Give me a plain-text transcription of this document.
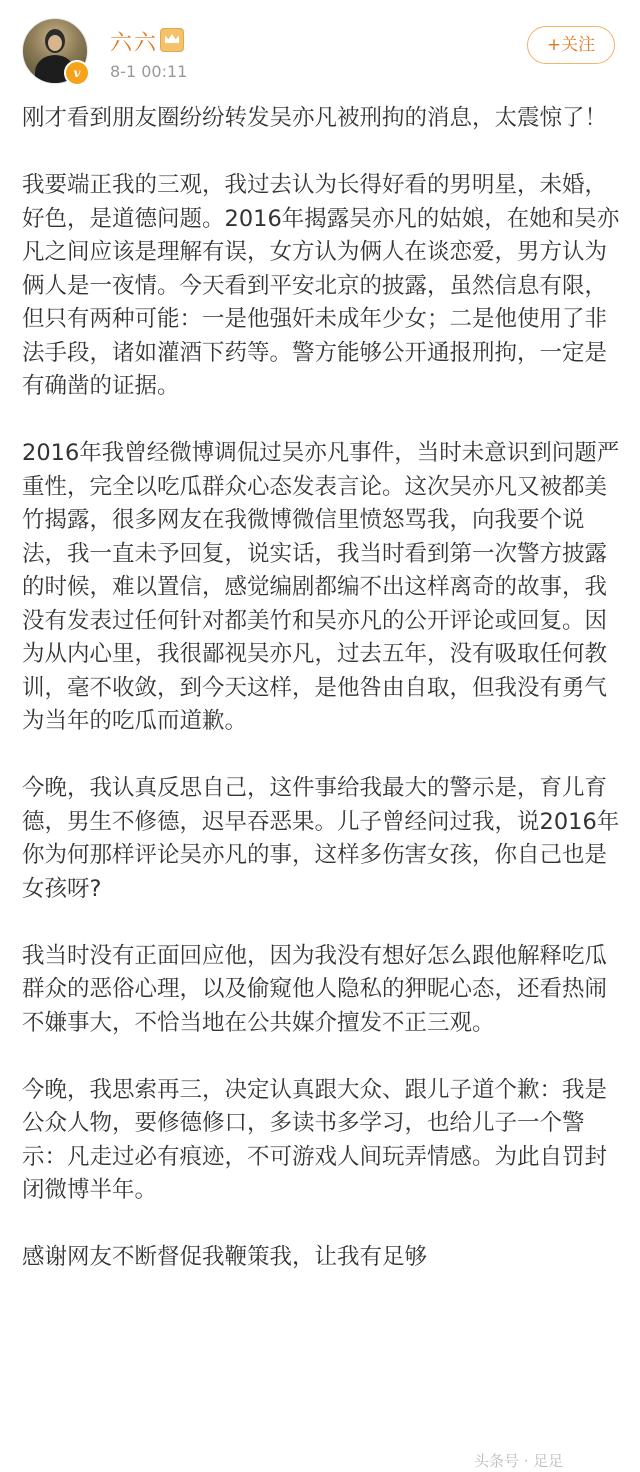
v
六六
8-1 00:11
+关注

刚才看到朋友圈纷纷转发吴亦凡被刑拘的消息，太震惊了！

我要端正我的三观，我过去认为长得好看的男明星，未婚，好色，是道德问题。2016年揭露吴亦凡的姑娘，在她和吴亦凡之间应该是理解有误，女方认为俩人在谈恋爱，男方认为俩人是一夜情。今天看到平安北京的披露，虽然信息有限，但只有两种可能：一是他强奸未成年少女；二是他使用了非法手段，诸如灌酒下药等。警方能够公开通报刑拘，一定是有确凿的证据。

2016年我曾经微博调侃过吴亦凡事件，当时未意识到问题严重性，完全以吃瓜群众心态发表言论。这次吴亦凡又被都美竹揭露，很多网友在我微博微信里愤怒骂我，向我要个说法，我一直未予回复，说实话，我当时看到第一次警方披露的时候，难以置信，感觉编剧都编不出这样离奇的故事，我没有发表过任何针对都美竹和吴亦凡的公开评论或回复。因为从内心里，我很鄙视吴亦凡，过去五年，没有吸取任何教训，毫不收敛，到今天这样，是他咎由自取，但我没有勇气为当年的吃瓜而道歉。

今晚，我认真反思自己，这件事给我最大的警示是，育儿育德，男生不修德，迟早吞恶果。儿子曾经问过我，说2016年你为何那样评论吴亦凡的事，这样多伤害女孩，你自己也是女孩呀?

我当时没有正面回应他，因为我没有想好怎么跟他解释吃瓜群众的恶俗心理，以及偷窥他人隐私的狎昵心态，还看热闹不嫌事大，不恰当地在公共媒介擅发不正三观。

今晚，我思索再三，决定认真跟大众、跟儿子道个歉：我是公众人物，要修德修口，多读书多学习，也给儿子一个警示：凡走过必有痕迹，不可游戏人间玩弄情感。为此自罚封闭微博半年。

感谢网友不断督促我鞭策我，让我有足够

头条号 · 足足
